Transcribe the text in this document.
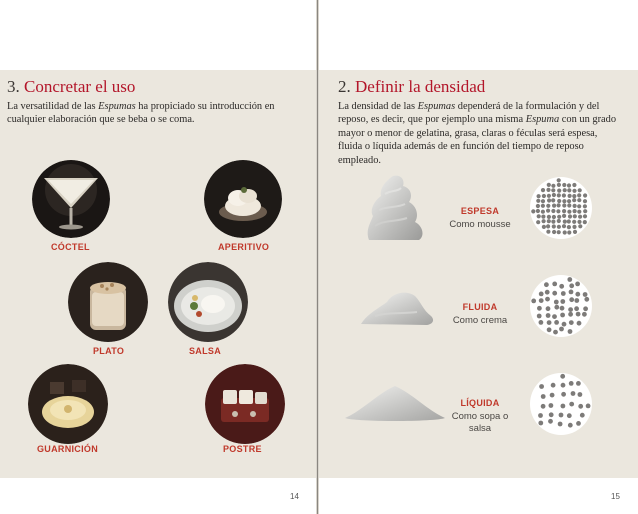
3. Concretar el uso
La versatilidad de las Espumas ha propiciado su introducción en cualquier elaboración que se beba o se coma.
CÓCTEL	APERITIVO
PLATO	SALSA
GUARNICIÓN	POSTRE
14
2. Definir la densidad
La densidad de las Espumas dependerá de la formulación y del reposo, es decir, que por ejemplo una misma Espuma con un grado mayor o menor de gelatina, grasa, claras o féculas será espesa, fluida o líquida además de en función del tiempo de reposo empleado.
ESPESA
Como mousse
FLUIDA
Como crema
LÍQUIDA
Como sopa o salsa
15
